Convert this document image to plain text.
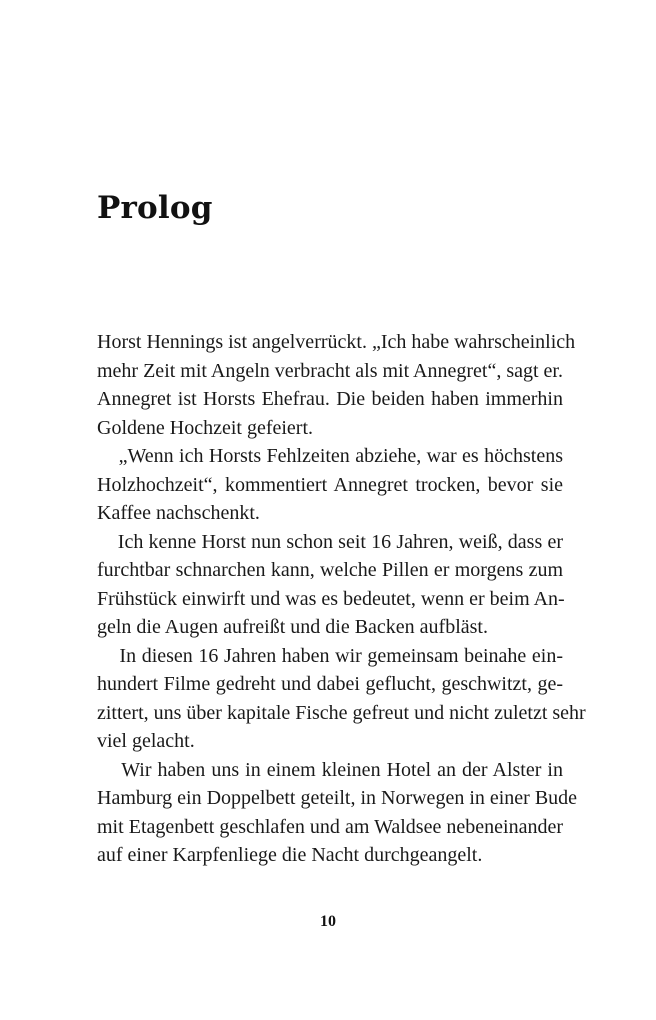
Prolog

Horst Hennings ist angelverrückt. „Ich habe wahrscheinlich
mehr Zeit mit Angeln verbracht als mit Annegret“, sagt er.
Annegret ist Horsts Ehefrau. Die beiden haben immerhin
Goldene Hochzeit gefeiert.

„Wenn ich Horsts Fehlzeiten abziehe, war es höchstens
Holzhochzeit“, kommentiert Annegret trocken, bevor sie
Kaffee nachschenkt.

Ich kenne Horst nun schon seit 16 Jahren, weiß, dass er
furchtbar schnarchen kann, welche Pillen er morgens zum
Frühstück einwirft und was es bedeutet, wenn er beim An-
geln die Augen aufreißt und die Backen aufbläst.

In diesen 16 Jahren haben wir gemeinsam beinahe ein-
hundert Filme gedreht und dabei geflucht, geschwitzt, ge-
zittert, uns über kapitale Fische gefreut und nicht zuletzt sehr
viel gelacht.

Wir haben uns in einem kleinen Hotel an der Alster in
Hamburg ein Doppelbett geteilt, in Norwegen in einer Bude
mit Etagenbett geschlafen und am Waldsee nebeneinander
auf einer Karpfenliege die Nacht durchgeangelt.

10
